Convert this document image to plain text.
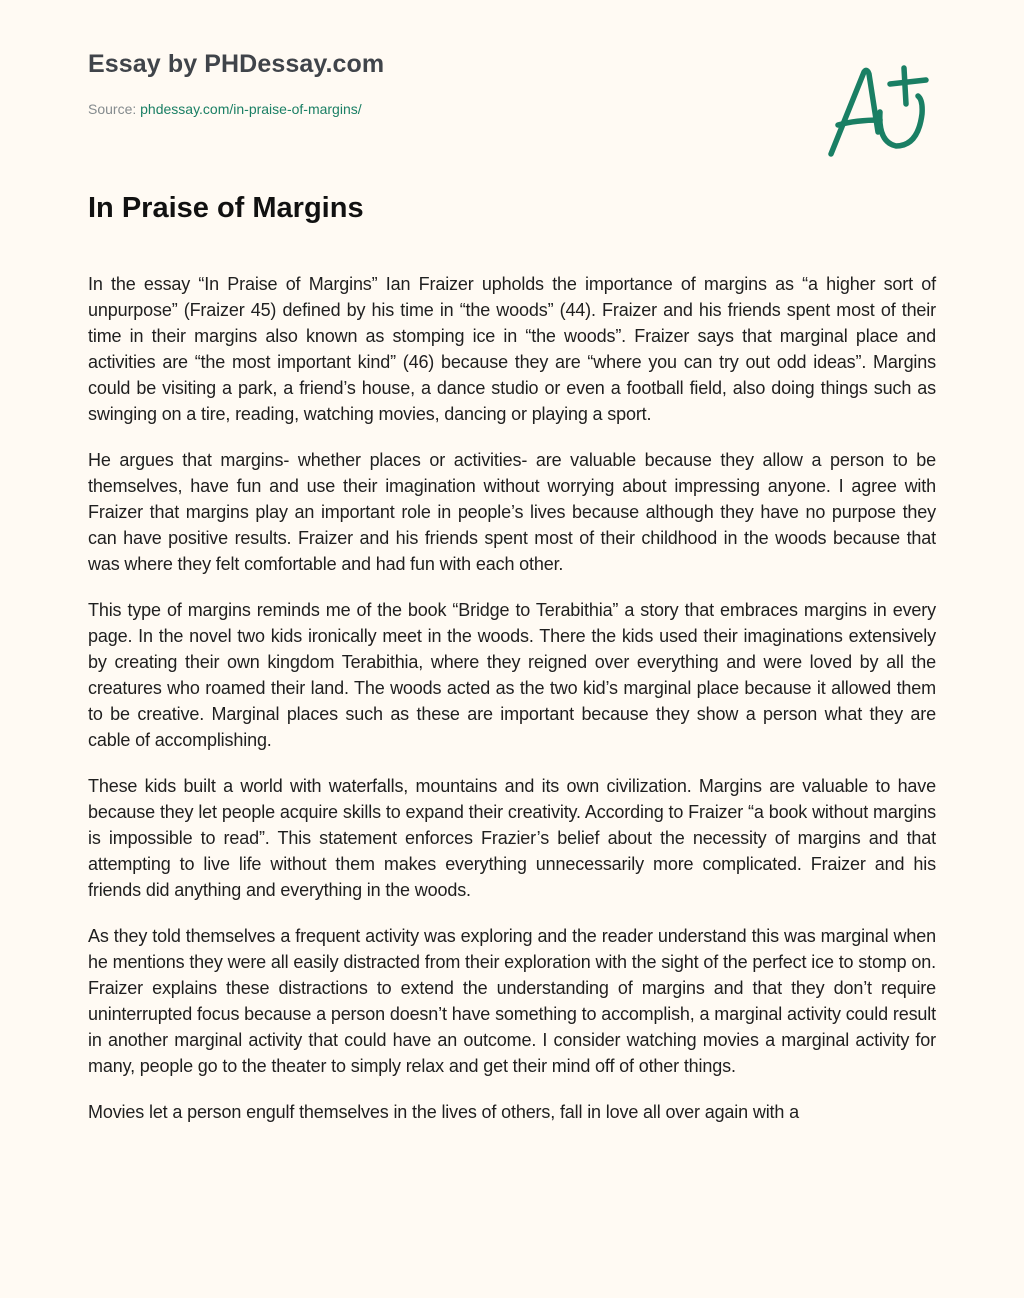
Essay by PHDessay.com
Source: phdessay.com/in-praise-of-margins/
In Praise of Margins

In the essay “In Praise of Margins” Ian Fraizer upholds the importance of margins as “a higher sort of unpurpose” (Fraizer 45) defined by his time in “the woods” (44). Fraizer and his friends spent most of their time in their margins also known as stomping ice in “the woods”. Fraizer says that marginal place and activities are “the most important kind” (46) because they are “where you can try out odd ideas”. Margins could be visiting a park, a friend’s house, a dance studio or even a football field, also doing things such as swinging on a tire, reading, watching movies, dancing or playing a sport.

He argues that margins- whether places or activities- are valuable because they allow a person to be themselves, have fun and use their imagination without worrying about impressing anyone. I agree with Fraizer that margins play an important role in people’s lives because although they have no purpose they can have positive results. Fraizer and his friends spent most of their childhood in the woods because that was where they felt comfortable and had fun with each other.

This type of margins reminds me of the book “Bridge to Terabithia” a story that embraces margins in every page. In the novel two kids ironically meet in the woods. There the kids used their imaginations extensively by creating their own kingdom Terabithia, where they reigned over everything and were loved by all the creatures who roamed their land. The woods acted as the two kid’s marginal place because it allowed them to be creative. Marginal places such as these are important because they show a person what they are cable of accomplishing.

These kids built a world with waterfalls, mountains and its own civilization. Margins are valuable to have because they let people acquire skills to expand their creativity. According to Fraizer “a book without margins is impossible to read”. This statement enforces Frazier’s belief about the necessity of margins and that attempting to live life without them makes everything unnecessarily more complicated. Fraizer and his friends did anything and everything in the woods.

As they told themselves a frequent activity was exploring and the reader understand this was marginal when he mentions they were all easily distracted from their exploration with the sight of the perfect ice to stomp on. Fraizer explains these distractions to extend the understanding of margins and that they don’t require uninterrupted focus because a person doesn’t have something to accomplish, a marginal activity could result in another marginal activity that could have an outcome. I consider watching movies a marginal activity for many, people go to the theater to simply relax and get their mind off of other things.

Movies let a person engulf themselves in the lives of others, fall in love all over again with a
